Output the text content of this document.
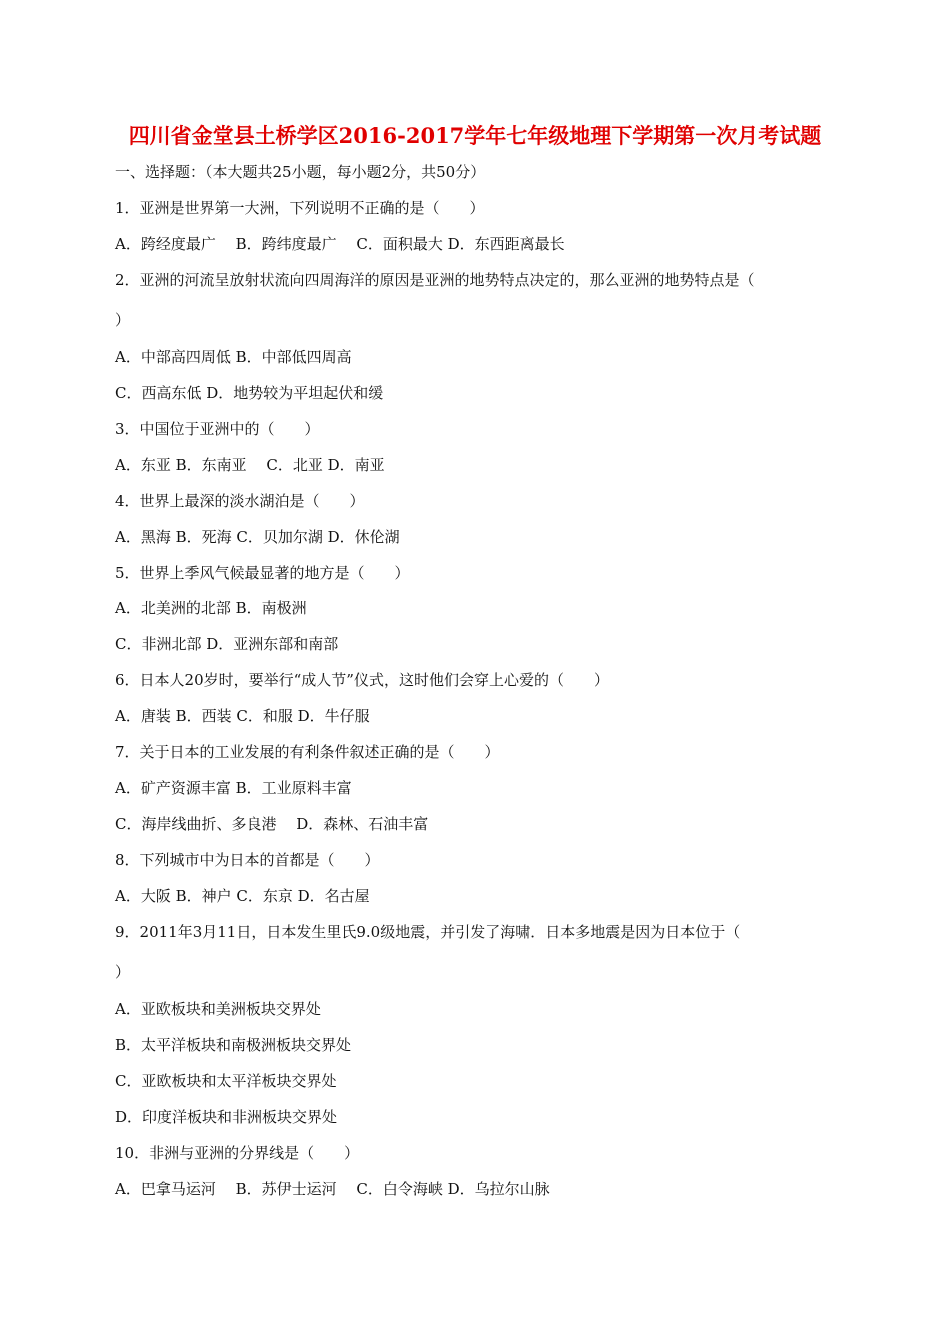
四川省金堂县土桥学区2016-2017学年七年级地理下学期第一次月考试题
一、选择题：（本大题共25小题，每小题2分，共50分）
1．亚洲是世界第一大洲，下列说明不正确的是（　　）
A．跨经度最广　 B．跨纬度最广　 C．面积最大 D．东西距离最长
2．亚洲的河流呈放射状流向四周海洋的原因是亚洲的地势特点决定的，那么亚洲的地势特点是（
）
A．中部高四周低 B．中部低四周高
C．西高东低 D．地势较为平坦起伏和缓
3．中国位于亚洲中的（　　）
A．东亚 B．东南亚　 C．北亚 D．南亚
4．世界上最深的淡水湖泊是（　　）
A．黑海 B．死海 C．贝加尔湖 D．休伦湖
5．世界上季风气候最显著的地方是（　　）
A．北美洲的北部 B．南极洲
C．非洲北部 D．亚洲东部和南部
6．日本人20岁时，要举行“成人节”仪式，这时他们会穿上心爱的（　　）
A．唐装 B．西装 C．和服 D．牛仔服
7．关于日本的工业发展的有利条件叙述正确的是（　　）
A．矿产资源丰富 B．工业原料丰富
C．海岸线曲折、多良港　 D．森林、石油丰富
8．下列城市中为日本的首都是（　　）
A．大阪 B．神户 C．东京 D．名古屋
9．2011年3月11日，日本发生里氏9.0级地震，并引发了海啸．日本多地震是因为日本位于（
）
A．亚欧板块和美洲板块交界处
B．太平洋板块和南极洲板块交界处
C．亚欧板块和太平洋板块交界处
D．印度洋板块和非洲板块交界处
10．非洲与亚洲的分界线是（　　）
A．巴拿马运河　 B．苏伊士运河　 C．白令海峡 D．乌拉尔山脉
